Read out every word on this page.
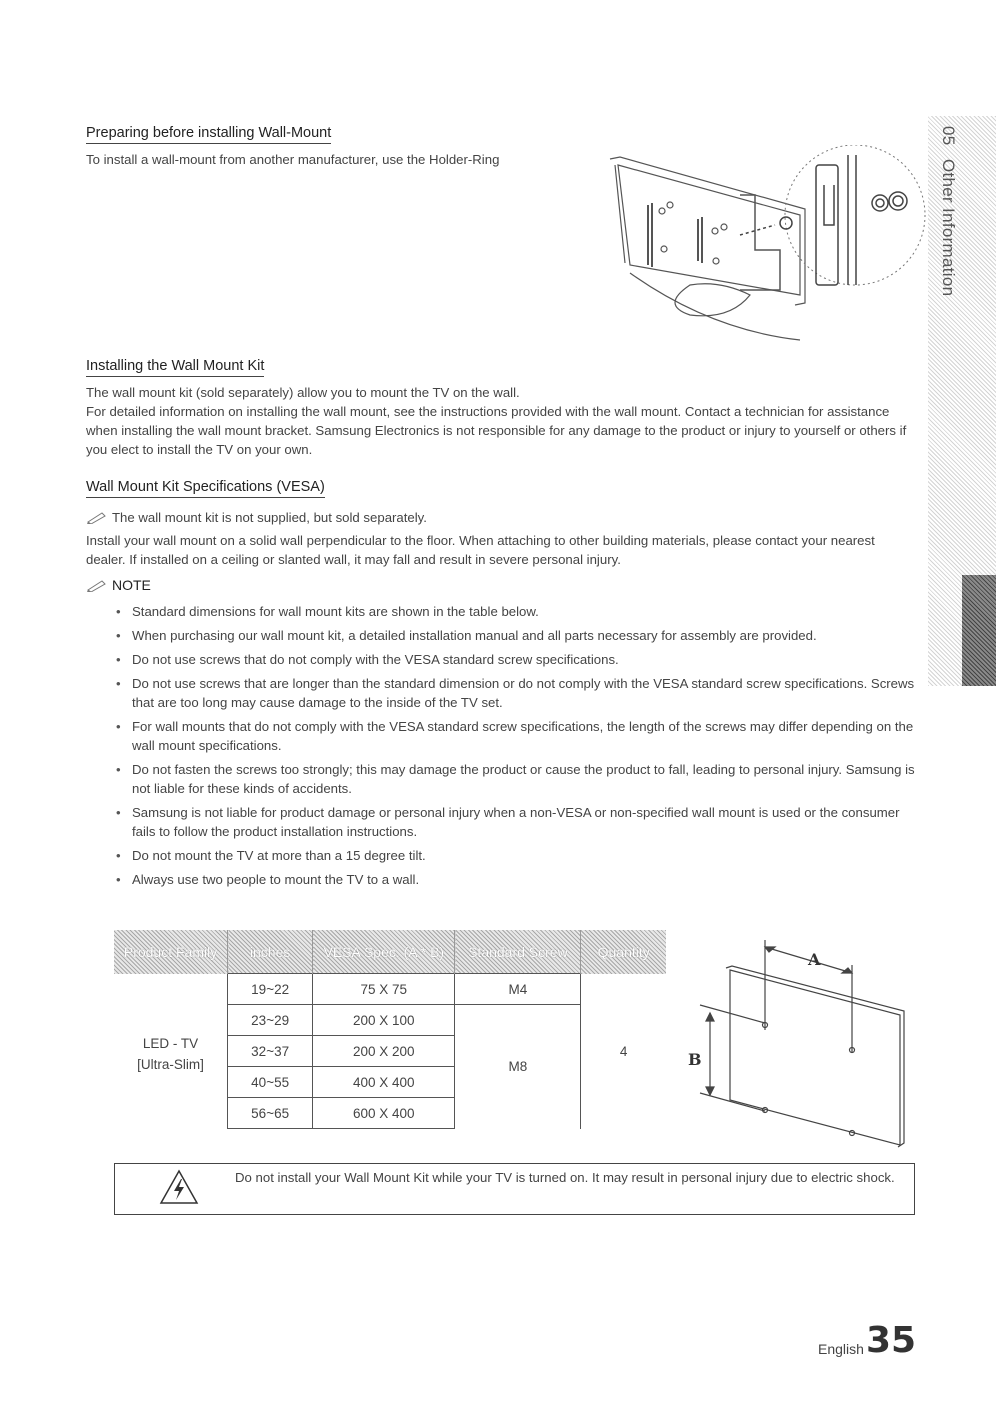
05 Other Information
Preparing before installing Wall-Mount
To install a wall-mount from another manufacturer, use the Holder-Ring
Installing the Wall Mount Kit

The wall mount kit (sold separately) allow you to mount the TV on the wall.

For detailed information on installing the wall mount, see the instructions provided with the wall mount. Contact a technician for assistance when installing the wall mount bracket. Samsung Electronics is not responsible for any damage to the product or injury to yourself or others if you elect to install the TV on your own.

Wall Mount Kit Specifications (VESA)
The wall mount kit is not supplied, but sold separately.
Install your wall mount on a solid wall perpendicular to the floor. When attaching to other building materials, please contact your nearest dealer. If installed on a ceiling or slanted wall, it may fall and result in severe personal injury.
NOTE
• Standard dimensions for wall mount kits are shown in the table below.
• When purchasing our wall mount kit, a detailed installation manual and all parts necessary for assembly are provided.
• Do not use screws that do not comply with the VESA standard screw specifications.
• Do not use screws that are longer than the standard dimension or do not comply with the VESA standard screw specifications. Screws that are too long may cause damage to the inside of the TV set.
• For wall mounts that do not comply with the VESA standard screw specifications, the length of the screws may differ depending on the wall mount specifications.
• Do not fasten the screws too strongly; this may damage the product or cause the product to fall, leading to personal injury. Samsung is not liable for these kinds of accidents.
• Samsung is not liable for product damage or personal injury when a non-VESA or non-specified wall mount is used or the consumer fails to follow the product installation instructions.
• Do not mount the TV at more than a 15 degree tilt.
• Always use two people to mount the TV to a wall.
Product Family	inches	VESA Spec. (A * B)	Standard Screw	Quantity

LED - TV
[Ultra-Slim]	19~22	75 X 75	M4	4
	23~29	200 X 100	M8	
	32~37	200 X 200		
	40~55	400 X 400		
	56~65	600 X 400		
A
B
Do not install your Wall Mount Kit while your TV is turned on. It may result in personal injury due to electric shock.
English 35
